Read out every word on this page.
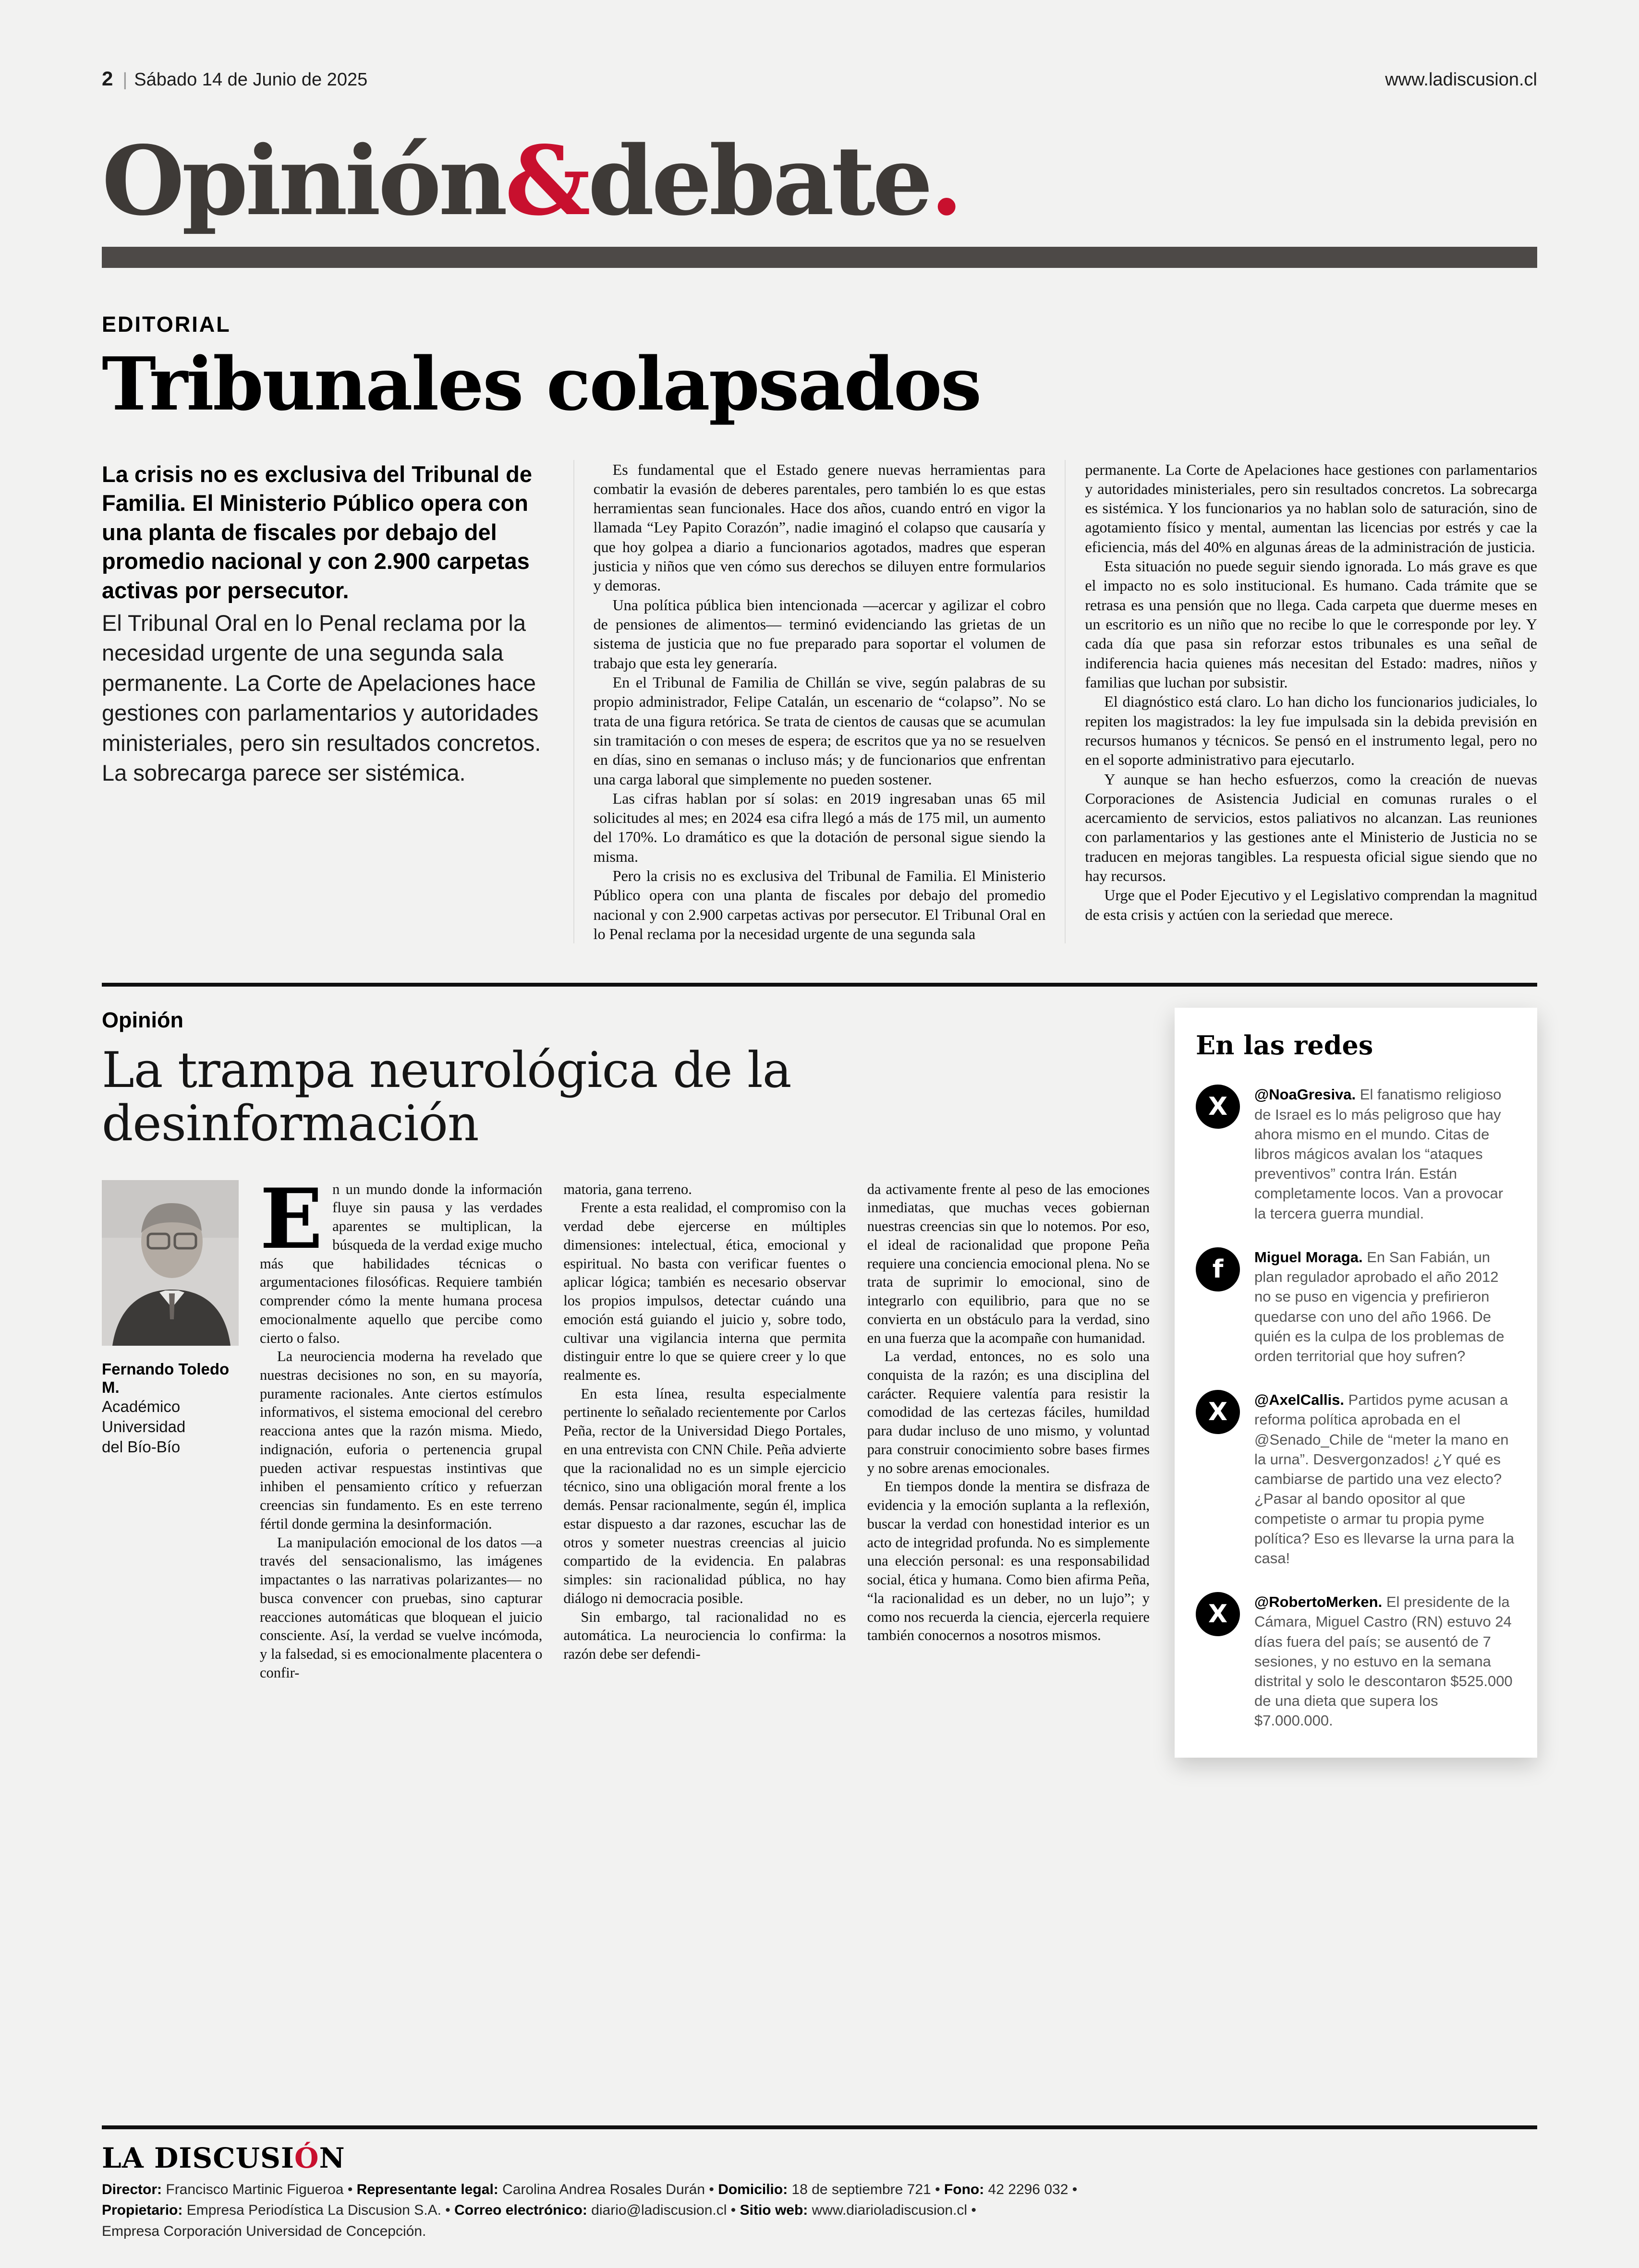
2 | Sábado 14 de Junio de 2025	www.ladiscusion.cl
Opinión&debate.
EDITORIAL
Tribunales colapsados
La crisis no es exclusiva del Tribunal de Familia. El Ministerio Público opera con una planta de fiscales por debajo del promedio nacional y con 2.900 carpetas activas por persecutor.
El Tribunal Oral en lo Penal reclama por la necesidad urgente de una segunda sala permanente. La Corte de Apelaciones hace gestiones con parlamentarios y autoridades ministeriales, pero sin resultados concretos. La sobrecarga parece ser sistémica.

Es fundamental que el Estado genere nuevas herramientas para combatir la evasión de deberes parentales, pero también lo es que estas herramientas sean funcionales. Hace dos años, cuando entró en vigor la llamada “Ley Papito Corazón”, nadie imaginó el colapso que causaría y que hoy golpea a diario a funcionarios agotados, madres que esperan justicia y niños que ven cómo sus derechos se diluyen entre formularios y demoras.

Una política pública bien intencionada —acercar y agilizar el cobro de pensiones de alimentos— terminó evidenciando las grietas de un sistema de justicia que no fue preparado para soportar el volumen de trabajo que esta ley generaría.

En el Tribunal de Familia de Chillán se vive, según palabras de su propio administrador, Felipe Catalán, un escenario de “colapso”. No se trata de una figura retórica. Se trata de cientos de causas que se acumulan sin tramitación o con meses de espera; de escritos que ya no se resuelven en días, sino en semanas o incluso más; y de funcionarios que enfrentan una carga laboral que simplemente no pueden sostener.

Las cifras hablan por sí solas: en 2019 ingresaban unas 65 mil solicitudes al mes; en 2024 esa cifra llegó a más de 175 mil, un aumento del 170%. Lo dramático es que la dotación de personal sigue siendo la misma.

Pero la crisis no es exclusiva del Tribunal de Familia. El Ministerio Público opera con una planta de fiscales por debajo del promedio nacional y con 2.900 carpetas activas por persecutor. El Tribunal Oral en lo Penal reclama por la necesidad urgente de una segunda sala

permanente. La Corte de Apelaciones hace gestiones con parlamentarios y autoridades ministeriales, pero sin resultados concretos. La sobrecarga es sistémica. Y los funcionarios ya no hablan solo de saturación, sino de agotamiento físico y mental, aumentan las licencias por estrés y cae la eficiencia, más del 40% en algunas áreas de la administración de justicia.

Esta situación no puede seguir siendo ignorada. Lo más grave es que el impacto no es solo institucional. Es humano. Cada trámite que se retrasa es una pensión que no llega. Cada carpeta que duerme meses en un escritorio es un niño que no recibe lo que le corresponde por ley. Y cada día que pasa sin reforzar estos tribunales es una señal de indiferencia hacia quienes más necesitan del Estado: madres, niños y familias que luchan por subsistir.

El diagnóstico está claro. Lo han dicho los funcionarios judiciales, lo repiten los magistrados: la ley fue impulsada sin la debida previsión en recursos humanos y técnicos. Se pensó en el instrumento legal, pero no en el soporte administrativo para ejecutarlo.

Y aunque se han hecho esfuerzos, como la creación de nuevas Corporaciones de Asistencia Judicial en comunas rurales o el acercamiento de servicios, estos paliativos no alcanzan. Las reuniones con parlamentarios y las gestiones ante el Ministerio de Justicia no se traducen en mejoras tangibles. La respuesta oficial sigue siendo que no hay recursos.

Urge que el Poder Ejecutivo y el Legislativo comprendan la magnitud de esta crisis y actúen con la seriedad que merece.

Opinión
La trampa neurológica de la desinformación
Fernando Toledo M.
Académico
Universidad
del Bío-Bío

En un mundo donde la información fluye sin pausa y las verdades aparentes se multiplican, la búsqueda de la verdad exige mucho más que habilidades técnicas o argumentaciones filosóficas. Requiere también comprender cómo la mente humana procesa emocionalmente aquello que percibe como cierto o falso.

La neurociencia moderna ha revelado que nuestras decisiones no son, en su mayoría, puramente racionales. Ante ciertos estímulos informativos, el sistema emocional del cerebro reacciona antes que la razón misma. Miedo, indignación, euforia o pertenencia grupal pueden activar respuestas instintivas que inhiben el pensamiento crítico y refuerzan creencias sin fundamento. Es en este terreno fértil donde germina la desinformación.

La manipulación emocional de los datos —a través del sensacionalismo, las imágenes impactantes o las narrativas polarizantes— no busca convencer con pruebas, sino capturar reacciones automáticas que bloquean el juicio consciente. Así, la verdad se vuelve incómoda, y la falsedad, si es emocionalmente placentera o confir-

matoria, gana terreno.

Frente a esta realidad, el compromiso con la verdad debe ejercerse en múltiples dimensiones: intelectual, ética, emocional y espiritual. No basta con verificar fuentes o aplicar lógica; también es necesario observar los propios impulsos, detectar cuándo una emoción está guiando el juicio y, sobre todo, cultivar una vigilancia interna que permita distinguir entre lo que se quiere creer y lo que realmente es.

En esta línea, resulta especialmente pertinente lo señalado recientemente por Carlos Peña, rector de la Universidad Diego Portales, en una entrevista con CNN Chile. Peña advierte que la racionalidad no es un simple ejercicio técnico, sino una obligación moral frente a los demás. Pensar racionalmente, según él, implica estar dispuesto a dar razones, escuchar las de otros y someter nuestras creencias al juicio compartido de la evidencia. En palabras simples: sin racionalidad pública, no hay diálogo ni democracia posible.

Sin embargo, tal racionalidad no es automática. La neurociencia lo confirma: la razón debe ser defendi-

da activamente frente al peso de las emociones inmediatas, que muchas veces gobiernan nuestras creencias sin que lo notemos. Por eso, el ideal de racionalidad que propone Peña requiere una conciencia emocional plena. No se trata de suprimir lo emocional, sino de integrarlo con equilibrio, para que no se convierta en un obstáculo para la verdad, sino en una fuerza que la acompañe con humanidad.

La verdad, entonces, no es solo una conquista de la razón; es una disciplina del carácter. Requiere valentía para resistir la comodidad de las certezas fáciles, humildad para dudar incluso de uno mismo, y voluntad para construir conocimiento sobre bases firmes y no sobre arenas emocionales.

En tiempos donde la mentira se disfraza de evidencia y la emoción suplanta a la reflexión, buscar la verdad con honestidad interior es un acto de integridad profunda. No es simplemente una elección personal: es una responsabilidad social, ética y humana. Como bien afirma Peña, “la racionalidad es un deber, no un lujo”; y como nos recuerda la ciencia, ejercerla requiere también conocernos a nosotros mismos.

En las redes
X	@NoaGresiva. El fanatismo religioso de Israel es lo más peligroso que hay ahora mismo en el mundo. Citas de libros mágicos avalan los “ataques preventivos” contra Irán. Están completamente locos. Van a provocar la tercera guerra mundial.
f	Miguel Moraga. En San Fabián, un plan regulador aprobado el año 2012 no se puso en vigencia y prefirieron quedarse con uno del año 1966. De quién es la culpa de los problemas de orden territorial que hoy sufren?
X	@AxelCallis. Partidos pyme acusan a reforma política aprobada en el @Senado_Chile de “meter la mano en la urna”. Desvergonzados! ¿Y qué es cambiarse de partido una vez electo? ¿Pasar al bando opositor al que competiste o armar tu propia pyme política? Eso es llevarse la urna para la casa!
X	@RobertoMerken. El presidente de la Cámara, Miguel Castro (RN) estuvo 24 días fuera del país; se ausentó de 7 sesiones, y no estuvo en la semana distrital y solo le descontaron $525.000 de una dieta que supera los $7.000.000.
LA DISCUSIÓN
Director: Francisco Martinic Figueroa • Representante legal: Carolina Andrea Rosales Durán • Domicilio: 18 de septiembre 721 • Fono: 42 2296 032 •
Propietario: Empresa Periodística La Discusion S.A. • Correo electrónico: diario@ladiscusion.cl • Sitio web: www.diarioladiscusion.cl •
Empresa Corporación Universidad de Concepción.
